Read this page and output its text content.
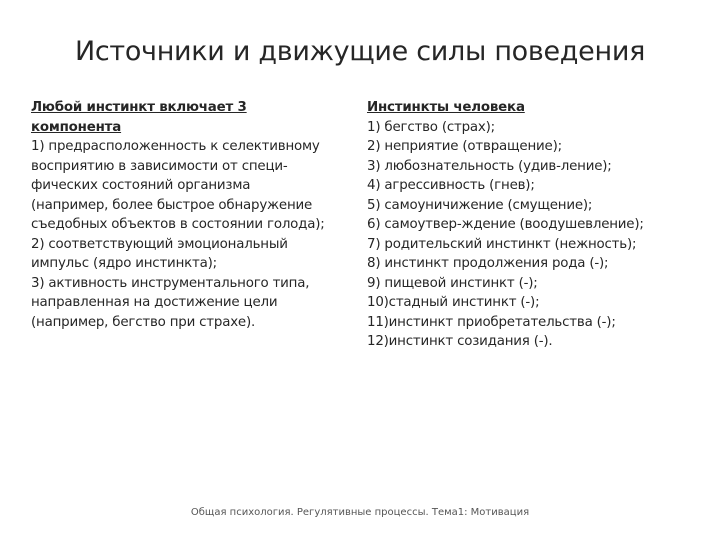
Источники и движущие силы поведения
Любой инстинкт включает 3 компонента
1) предрасположенность к селективному восприятию в зависимости от специ-фических состояний организма (например, более быстрое обнаружение съедобных объектов в состоянии голода);
2) соответствующий эмоциональный импульс (ядро инстинкта);
3) активность инструментального типа, направленная на достижение цели (например, бегство при страхе).
Инстинкты человека
1) бегство (страх);
2) неприятие (отвращение);
3) любознательность (удив-ление);
4) агрессивность (гнев);
5) самоуничижение (смущение);
6) самоутвер-ждение (воодушевление);
7) родительский инстинкт (нежность);
8) инстинкт продолжения рода (-);
9) пищевой инстинкт (-);
10)стадный инстинкт (-);
11)инстинкт приобретательства (-);
12)инстинкт созидания (-).
Общая психология. Регулятивные процессы. Тема1: Мотивация
